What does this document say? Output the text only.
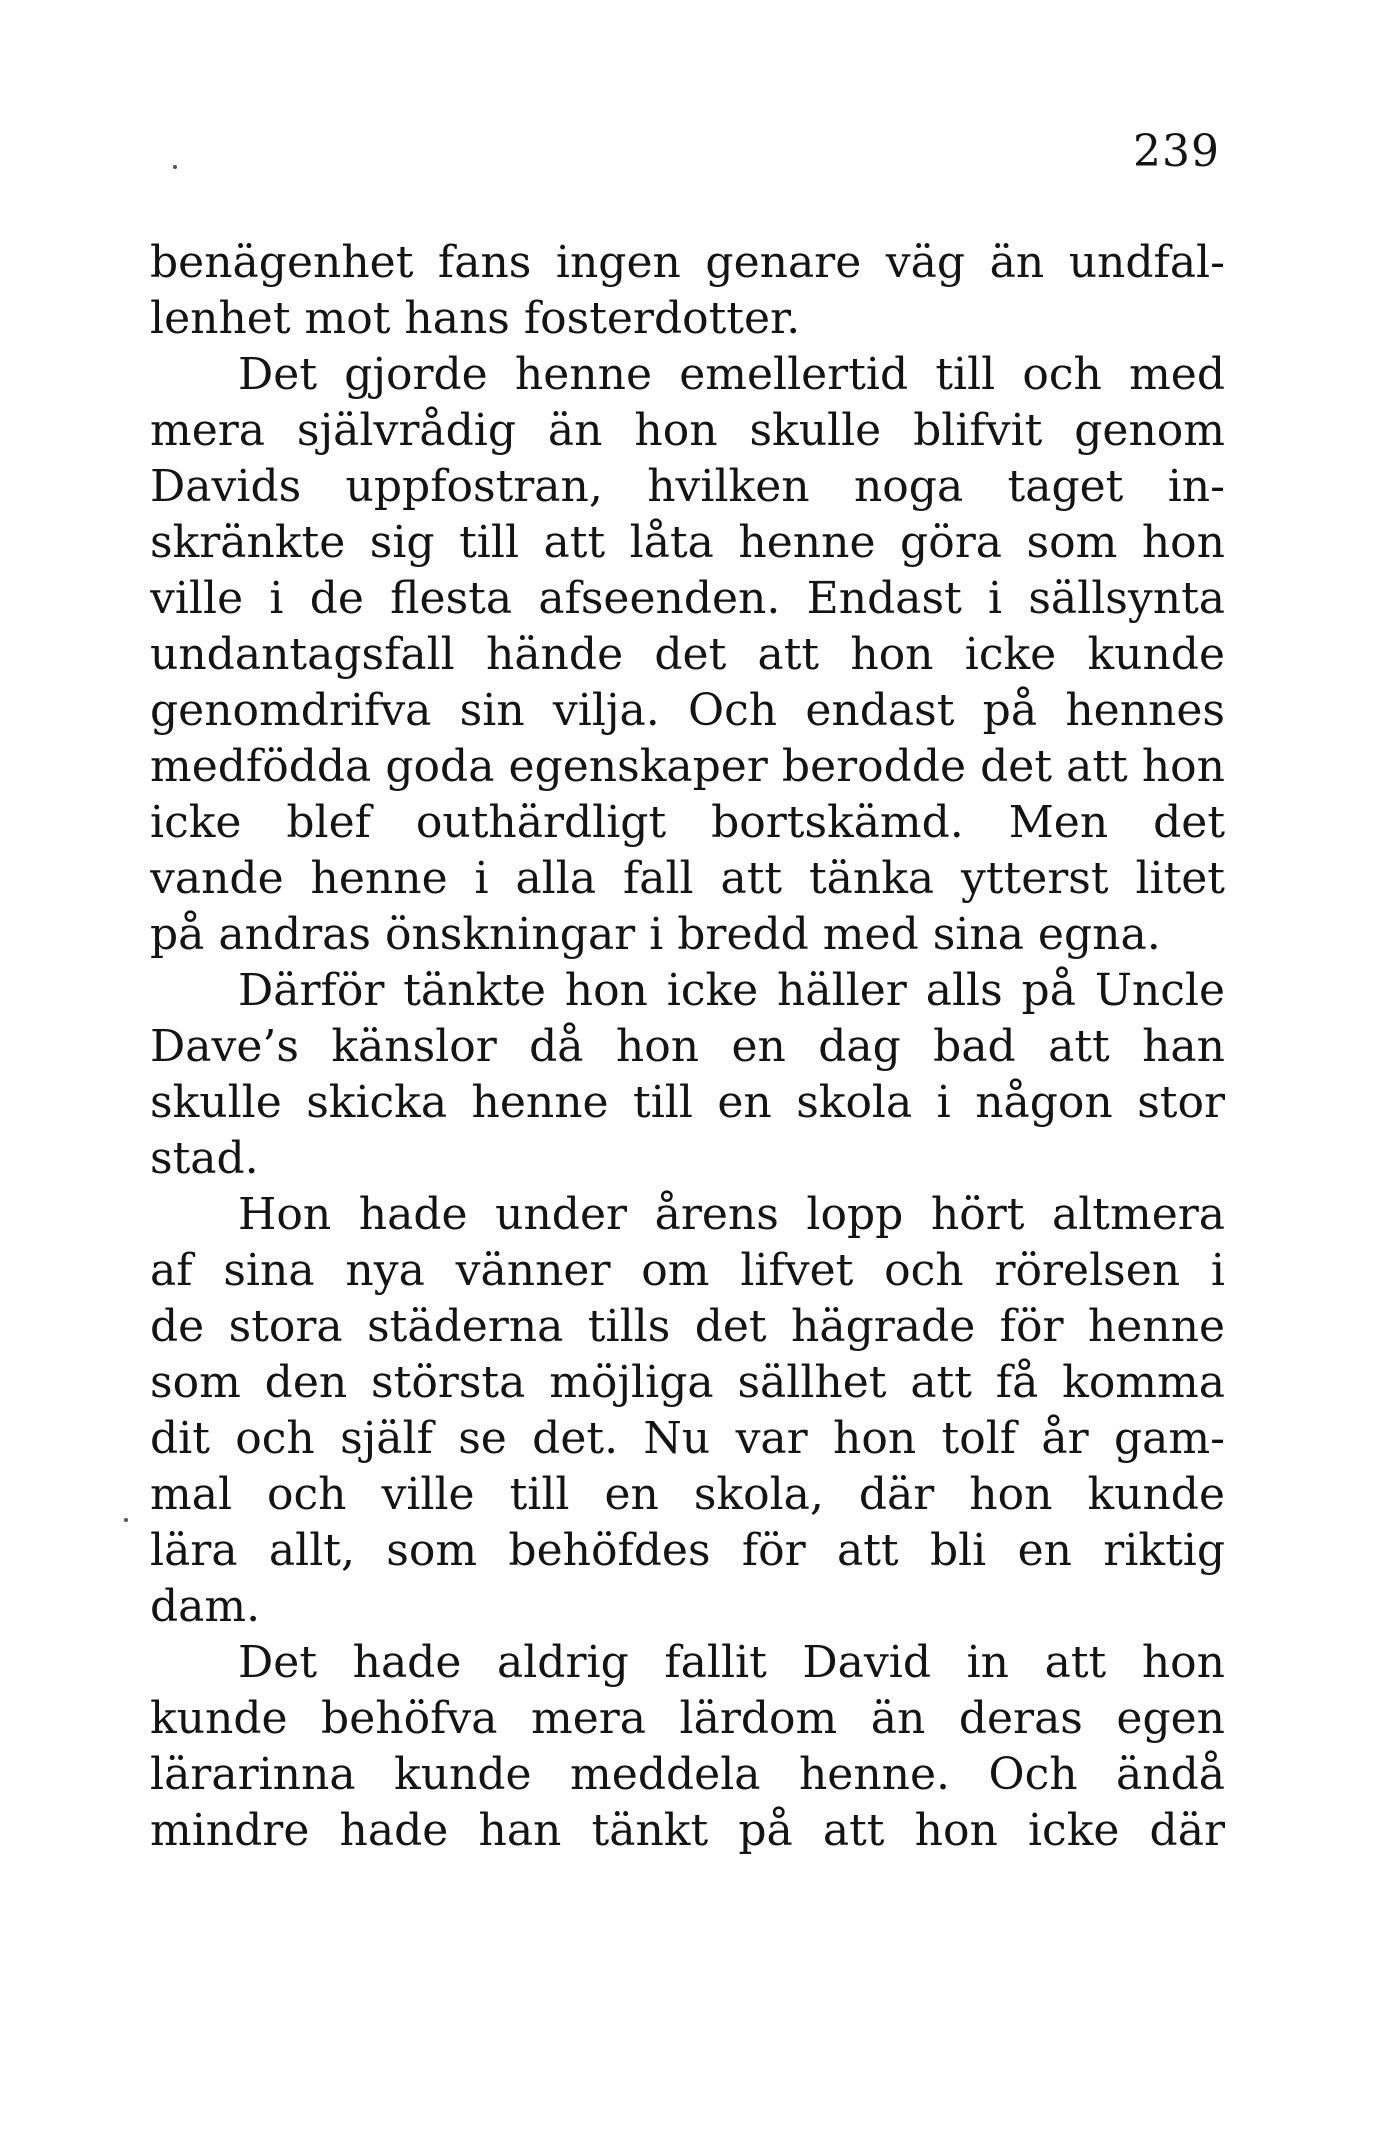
239
benägenhet fans ingen genare väg än undfal-
lenhet mot hans fosterdotter.
Det gjorde henne emellertid till och med
mera självrådig än hon skulle blifvit genom
Davids uppfostran, hvilken noga taget in-
skränkte sig till att låta henne göra som hon
ville i de flesta afseenden. Endast i sällsynta
undantagsfall hände det att hon icke kunde
genomdrifva sin vilja. Och endast på hennes
medfödda goda egenskaper berodde det att hon
icke blef outhärdligt bortskämd. Men det
vande henne i alla fall att tänka ytterst litet
på andras önskningar i bredd med sina egna.
Därför tänkte hon icke häller alls på Uncle
Dave’s känslor då hon en dag bad att han
skulle skicka henne till en skola i någon stor
stad.
Hon hade under årens lopp hört altmera
af sina nya vänner om lifvet och rörelsen i
de stora städerna tills det hägrade för henne
som den största möjliga sällhet att få komma
dit och själf se det. Nu var hon tolf år gam-
mal och ville till en skola, där hon kunde
lära allt, som behöfdes för att bli en riktig
dam.
Det hade aldrig fallit David in att hon
kunde behöfva mera lärdom än deras egen
lärarinna kunde meddela henne. Och ändå
mindre hade han tänkt på att hon icke där
